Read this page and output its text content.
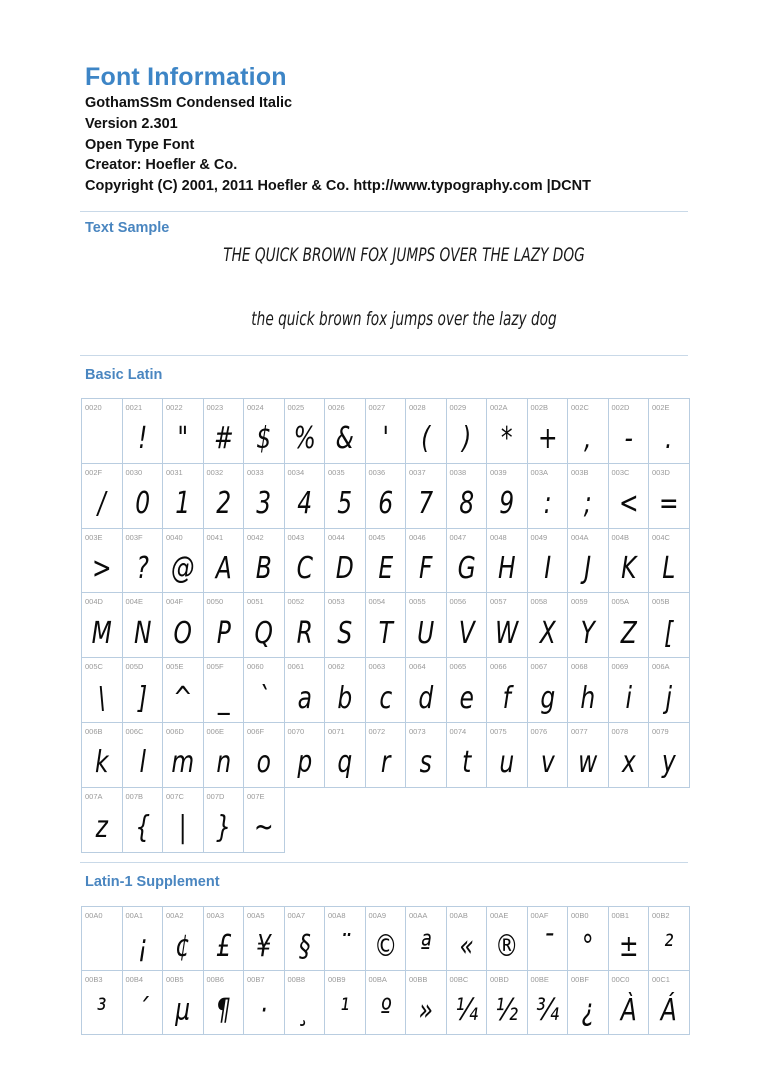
Font Information
GothamSSm Condensed Italic
Version 2.301
Open Type Font
Creator: Hoefler & Co.
Copyright (C) 2001, 2011 Hoefler & Co. http://www.typography.com |DCNT
Text Sample
THE QUICK BROWN FOX JUMPS OVER THE LAZY DOG
the quick brown fox jumps over the lazy dog
Basic Latin
0020	0021
!
0022
"
0023
#
0024
$
0025
%
0026
&
0027
'
0028
(
0029
)
002A
*
002B
+
002C
,
002D
-
002E
.
002F
/
0030
0
0031
1
0032
2
0033
3
0034
4
0035
5
0036
6
0037
7
0038
8
0039
9
003A
:
003B
;
003C
<
003D
=
003E
>
003F
?
0040
@
0041
A
0042
B
0043
C
0044
D
0045
E
0046
F
0047
G
0048
H
0049
I
004A
J
004B
K
004C
L
004D
M
004E
N
004F
O
0050
P
0051
Q
0052
R
0053
S
0054
T
0055
U
0056
V
0057
W
0058
X
0059
Y
005A
Z
005B
[
005C
\
005D
]
005E
^
005F
_
0060
`
0061
a
0062
b
0063
c
0064
d
0065
e
0066
f
0067
g
0068
h
0069
i
006A
j
006B
k
006C
l
006D
m
006E
n
006F
o
0070
p
0071
q
0072
r
0073
s
0074
t
0075
u
0076
v
0077
w
0078
x
0079
y
007A
z
007B
{
007C
|
007D
}
007E
~
Latin-1 Supplement
00A0	00A1
¡
00A2
¢
00A3
£
00A5
¥
00A7
§
00A8
¨
00A9
©
00AA
ª
00AB
«
00AE
®
00AF
¯
00B0
°
00B1
±
00B2
²
00B3
³
00B4
´
00B5
µ
00B6
¶
00B7
·
00B8
¸
00B9
¹
00BA
º
00BB
»
00BC
¼
00BD
½
00BE
¾
00BF
¿
00C0
À
00C1
Á
